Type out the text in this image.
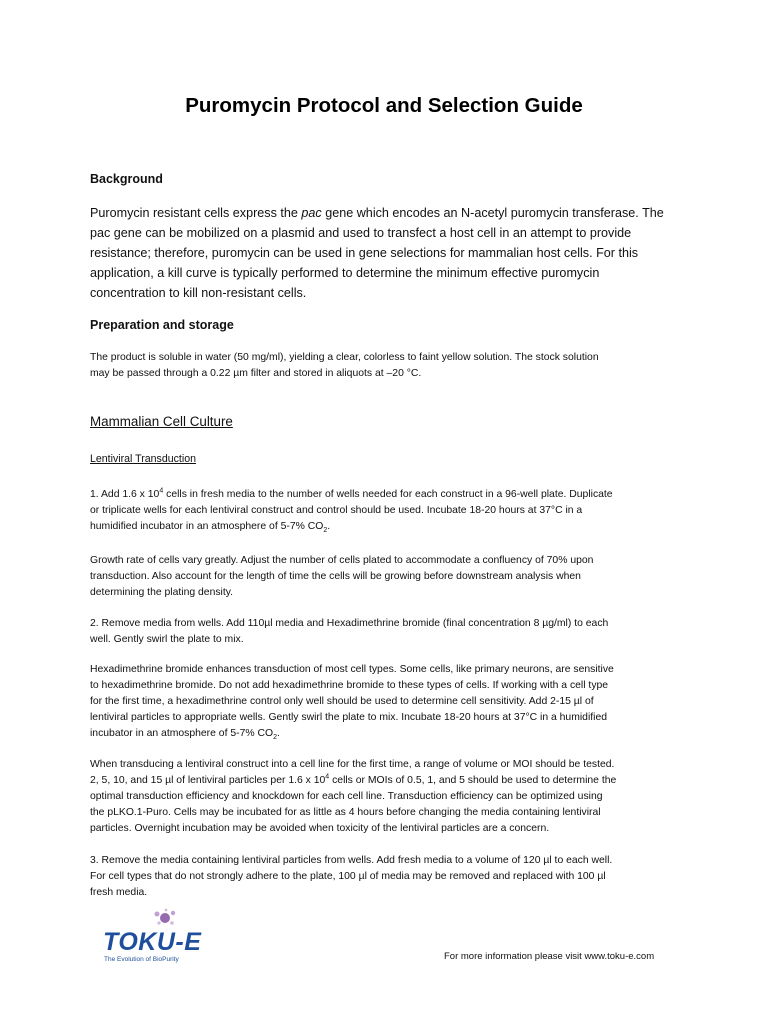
Puromycin Protocol and Selection Guide
Background
Puromycin resistant cells express the pac gene which encodes an N-acetyl puromycin transferase. The
pac gene can be mobilized on a plasmid and used to transfect a host cell in an attempt to provide
resistance; therefore, puromycin can be used in gene selections for mammalian host cells. For this
application, a kill curve is typically performed to determine the minimum effective puromycin
concentration to kill non-resistant cells.
Preparation and storage
The product is soluble in water (50 mg/ml), yielding a clear, colorless to faint yellow solution. The stock solution
may be passed through a 0.22 µm filter and stored in aliquots at –20 °C.
Mammalian Cell Culture
Lentiviral Transduction
1. Add 1.6 x $10^4$ cells in fresh media to the number of wells needed for each construct in a 96-well plate. Duplicate
or triplicate wells for each lentiviral construct and control should be used. Incubate 18-20 hours at 37°C in a
humidified incubator in an atmosphere of 5-7% $CO_2$.
Growth rate of cells vary greatly. Adjust the number of cells plated to accommodate a confluency of 70% upon
transduction. Also account for the length of time the cells will be growing before downstream analysis when
determining the plating density.
2. Remove media from wells. Add 110µl media and Hexadimethrine bromide (final concentration 8 µg/ml) to each
well. Gently swirl the plate to mix.
Hexadimethrine bromide enhances transduction of most cell types. Some cells, like primary neurons, are sensitive
to hexadimethrine bromide. Do not add hexadimethrine bromide to these types of cells. If working with a cell type
for the first time, a hexadimethrine control only well should be used to determine cell sensitivity. Add 2-15 µl of
lentiviral particles to appropriate wells. Gently swirl the plate to mix. Incubate 18-20 hours at 37°C in a humidified
incubator in an atmosphere of 5-7% $CO_2$.
When transducing a lentiviral construct into a cell line for the first time, a range of volume or MOI should be tested.
2, 5, 10, and 15 µl of lentiviral particles per 1.6 x $10^4$ cells or MOIs of 0.5, 1, and 5 should be used to determine the
optimal transduction efficiency and knockdown for each cell line. Transduction efficiency can be optimized using
the pLKO.1-Puro. Cells may be incubated for as little as 4 hours before changing the media containing lentiviral
particles. Overnight incubation may be avoided when toxicity of the lentiviral particles are a concern.
3. Remove the media containing lentiviral particles from wells. Add fresh media to a volume of 120 µl to each well.
For cell types that do not strongly adhere to the plate, 100 µl of media may be removed and replaced with 100 µl
fresh media.
TOKU-E
The Evolution of BioPurity	For more information please visit www.toku-e.com
